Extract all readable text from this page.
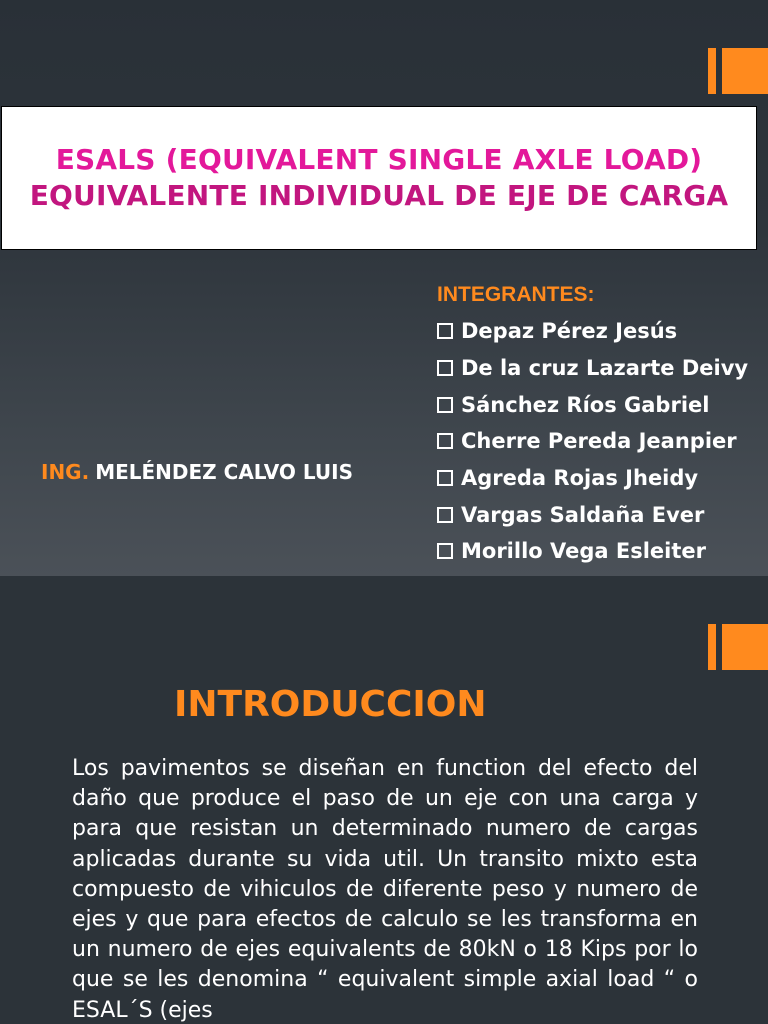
ESALS (EQUIVALENT SINGLE AXLE LOAD)
EQUIVALENTE INDIVIDUAL DE EJE DE CARGA
INTEGRANTES:
Depaz Pérez Jesús
De la cruz Lazarte Deivy
Sánchez Ríos Gabriel
Cherre Pereda Jeanpier
Agreda Rojas Jheidy
Vargas Saldaña Ever
Morillo Vega Esleiter
ING. MELÉNDEZ CALVO LUIS
INTRODUCCION
Los pavimentos se diseñan en function del efecto del daño que produce el paso de un eje con una carga y para que resistan un determinado numero de cargas aplicadas durante su vida util. Un transito mixto esta compuesto de vihiculos de diferente peso y numero de ejes y que para efectos de calculo se les transforma en un numero de ejes equivalents de 80kN o 18 Kips por lo que se les denomina “ equivalent simple axial load “ o ESAL´S (ejes
